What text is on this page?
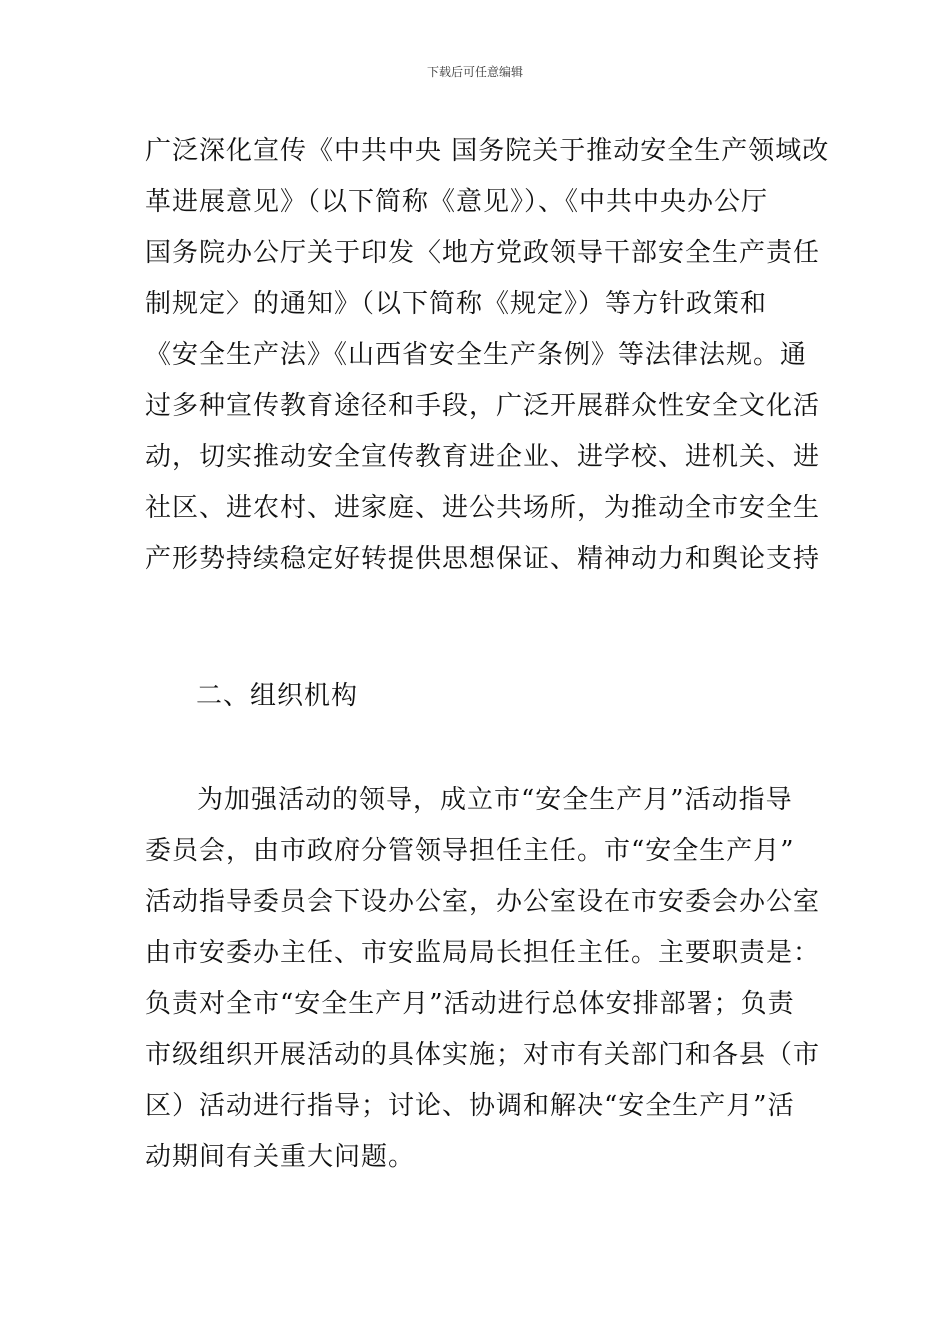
下载后可任意编辑
广泛深化宣传《中共中央 国务院关于推动安全生产领域改
革进展意见》（以下简称《意见》）、《中共中央办公厅
国务院办公厅关于印发〈地方党政领导干部安全生产责任
制规定〉的通知》（以下简称《规定》）等方针政策和
《安全生产法》《山西省安全生产条例》等法律法规。通
过多种宣传教育途径和手段，广泛开展群众性安全文化活
动，切实推动安全宣传教育进企业、进学校、进机关、进
社区、进农村、进家庭、进公共场所，为推动全市安全生
产形势持续稳定好转提供思想保证、精神动力和舆论支持
二、组织机构
为加强活动的领导，成立市“安全生产月”活动指导
委员会，由市政府分管领导担任主任。市“安全生产月”
活动指导委员会下设办公室，办公室设在市安委会办公室
由市安委办主任、市安监局局长担任主任。主要职责是：
负责对全市“安全生产月”活动进行总体安排部署；负责
市级组织开展活动的具体实施；对市有关部门和各县（市
区）活动进行指导；讨论、协调和解决“安全生产月”活
动期间有关重大问题。
